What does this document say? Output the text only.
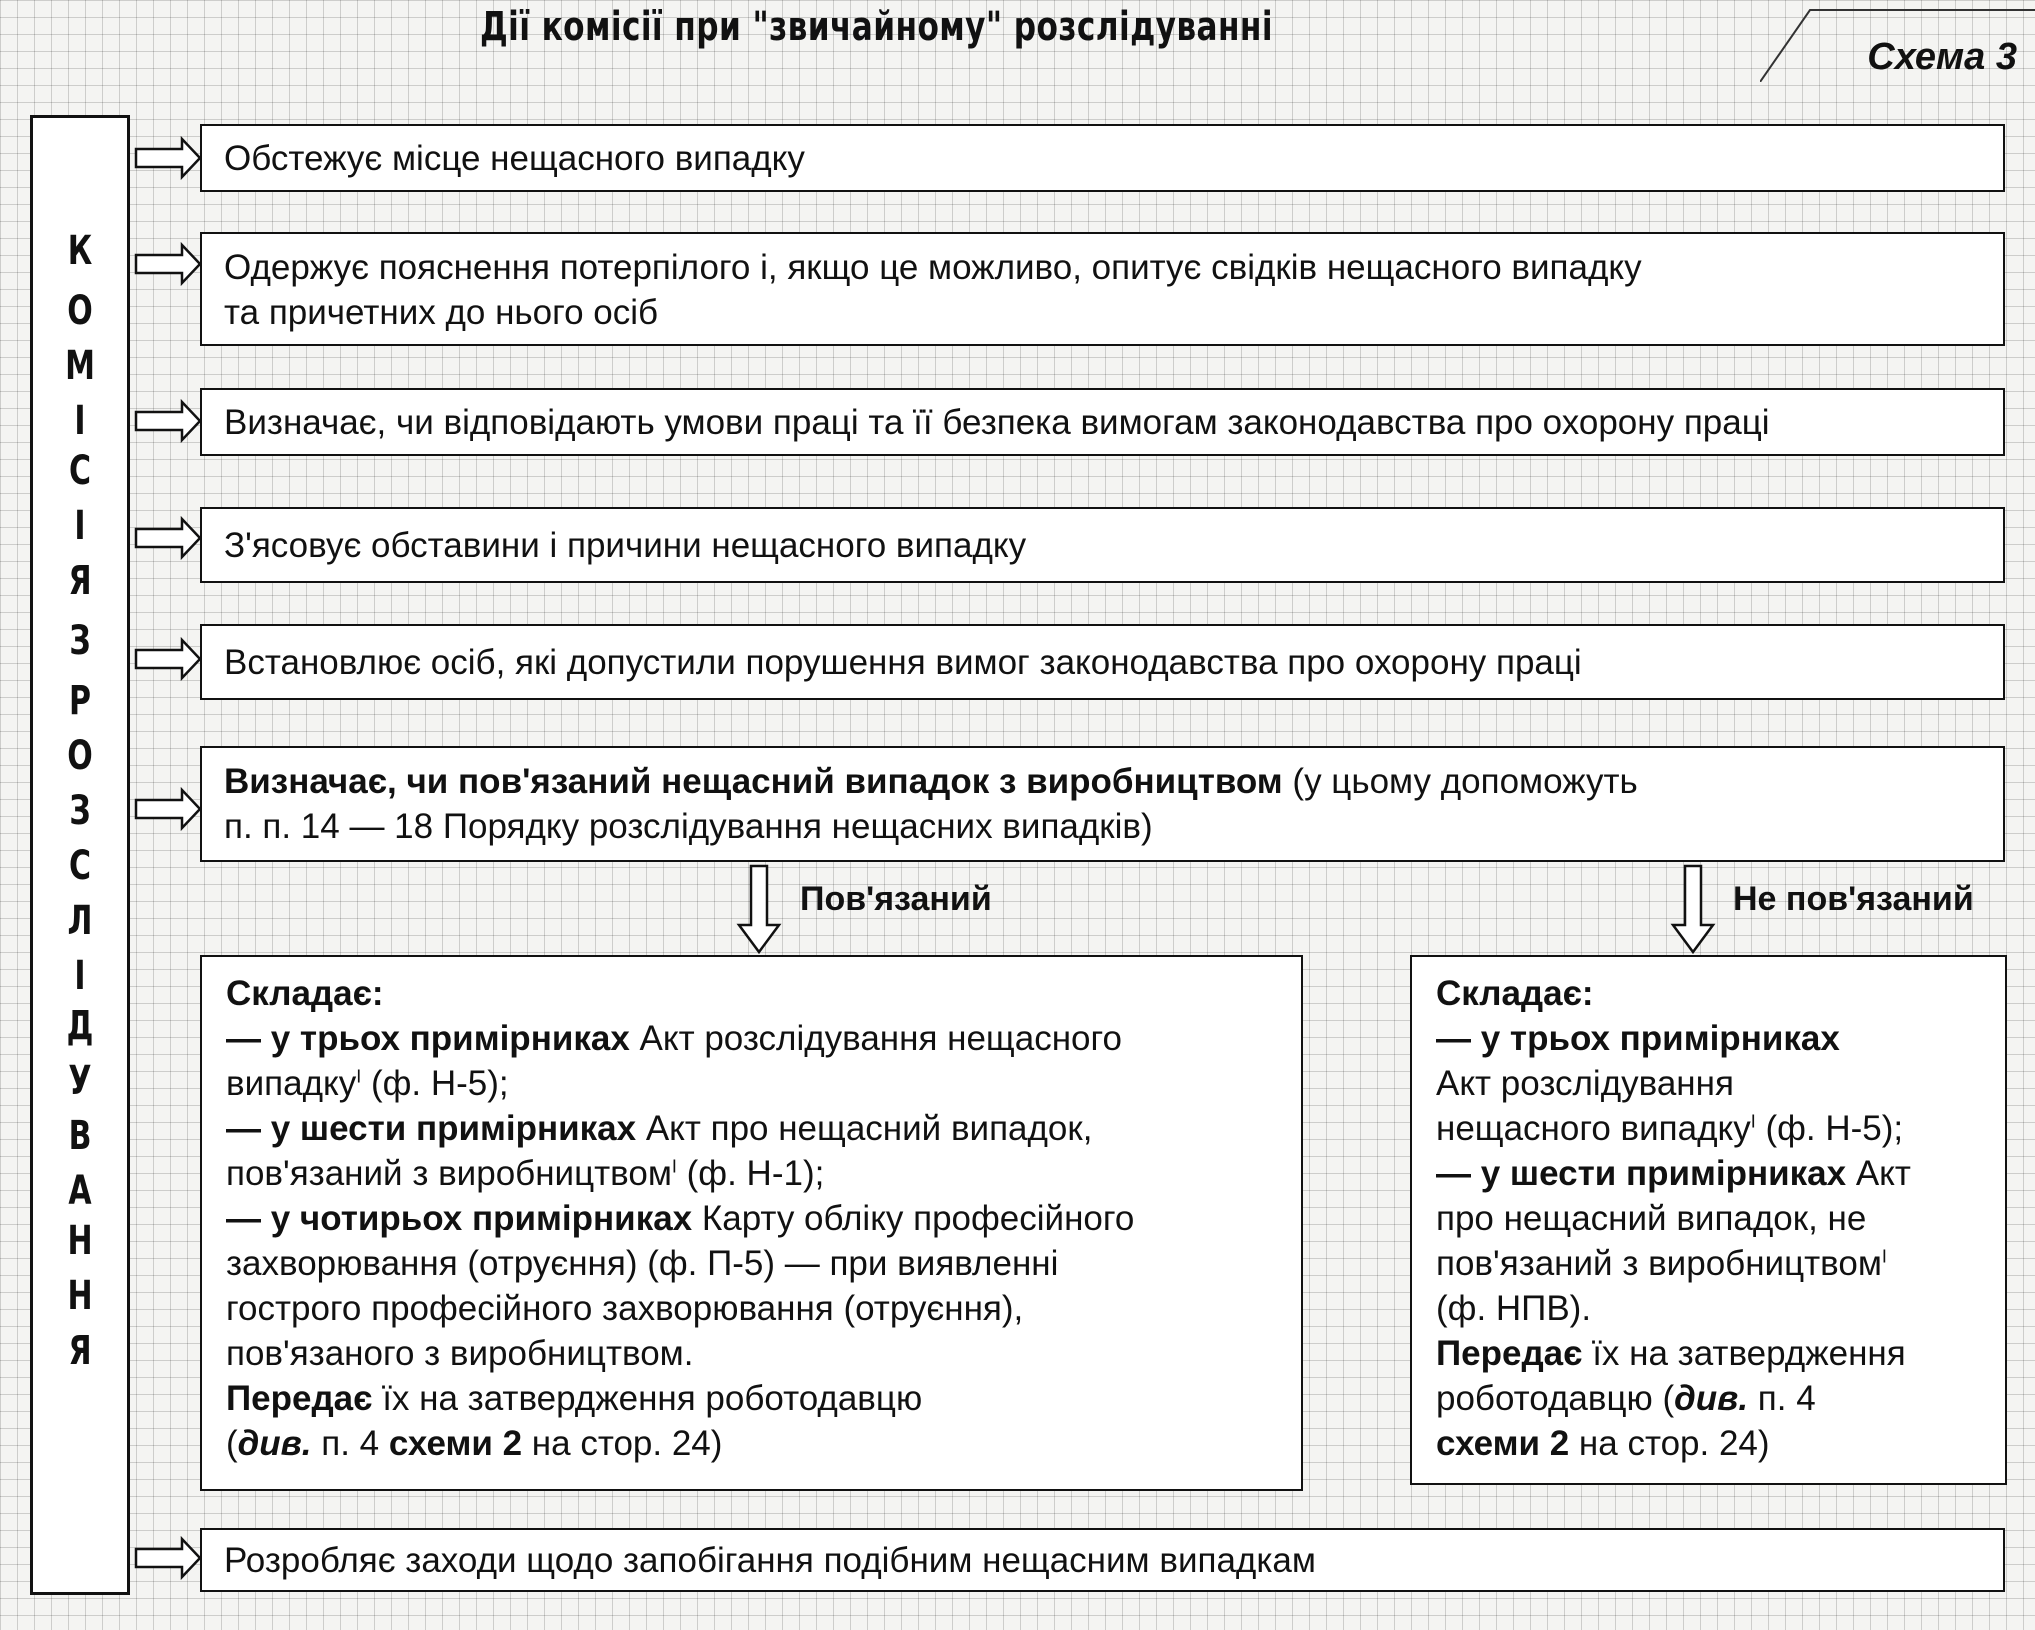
Дії комісії при "звичайному" розслідуванні
Схема 3
К
О
М
І
С
І
Я
З
Р
О
З
С
Л
І
Д
У
В
А
Н
Н
Я
Обстежує місце нещасного випадку
Одержує пояснення потерпілого і, якщо це можливо, опитує свідків нещасного випадку
та причетних до нього осіб
Визначає, чи відповідають умови праці та її безпека вимогам законодавства про охорону праці
З'ясовує обставини і причини нещасного випадку
Встановлює осіб, які допустили порушення вимог законодавства про охорону праці
Визначає, чи пов'язаний нещасний випадок з виробництвом (у цьому допоможуть
п. п. 14 — 18 Порядку розслідування нещасних випадків)
Пов'язаний	Не пов'язаний
Складає:
— у трьох примірниках Акт розслідування нещасного
випадку$^I$ (ф. Н-5);
— у шести примірниках Акт про нещасний випадок,
пов'язаний з виробництвом$^I$ (ф. Н-1);
— у чотирьох примірниках Карту обліку професійного
захворювання (отруєння) (ф. П-5) — при виявленні
гострого професійного захворювання (отруєння),
пов'язаного з виробництвом.
Передає їх на затвердження роботодавцю
(див. п. 4 схеми 2 на стор. 24)
Складає:
— у трьох примірниках
Акт розслідування
нещасного випадку$^I$ (ф. Н-5);
— у шести примірниках Акт
про нещасний випадок, не
пов'язаний з виробництвом$^I$
(ф. НПВ).
Передає їх на затвердження
роботодавцю (див. п. 4
схеми 2 на стор. 24)
Розробляє заходи щодо запобігання подібним нещасним випадкам
